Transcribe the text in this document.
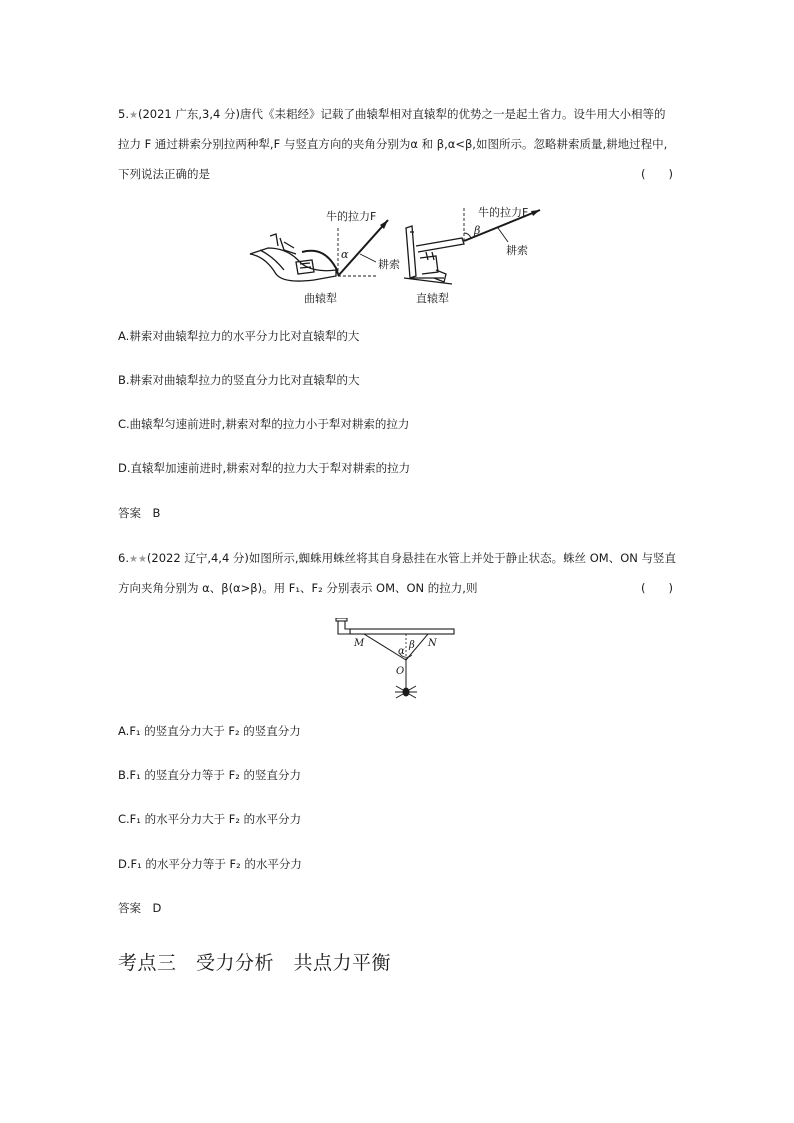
5.★(2021 广东,3,4 分)唐代《耒耜经》记载了曲辕犁相对直辕犁的优势之一是起土省力。设牛用大小相等的
拉力 F 通过耕索分别拉两种犁,F 与竖直方向的夹角分别为α 和 β,α<β,如图所示。忽略耕索质量,耕地过程中,
下列说法正确的是	(　　)
牛的拉力F
α
耕索
曲辕犁
牛的拉力F
β
耕索
直辕犁
A.耕索对曲辕犁拉力的水平分力比对直辕犁的大
B.耕索对曲辕犁拉力的竖直分力比对直辕犁的大
C.曲辕犁匀速前进时,耕索对犁的拉力小于犁对耕索的拉力
D.直辕犁加速前进时,耕索对犁的拉力大于犁对耕索的拉力
答案　B
6.★★(2022 辽宁,4,4 分)如图所示,蜘蛛用蛛丝将其自身悬挂在水管上并处于静止状态。蛛丝 OM、ON 与竖直
方向夹角分别为 α、β(α>β)。用 F₁、F₂ 分别表示 OM、ON 的拉力,则	(　　)
M	N
O
α
β
A.F₁ 的竖直分力大于 F₂ 的竖直分力
B.F₁ 的竖直分力等于 F₂ 的竖直分力
C.F₁ 的水平分力大于 F₂ 的水平分力
D.F₁ 的水平分力等于 F₂ 的水平分力
答案　D
考点三　受力分析　共点力平衡
